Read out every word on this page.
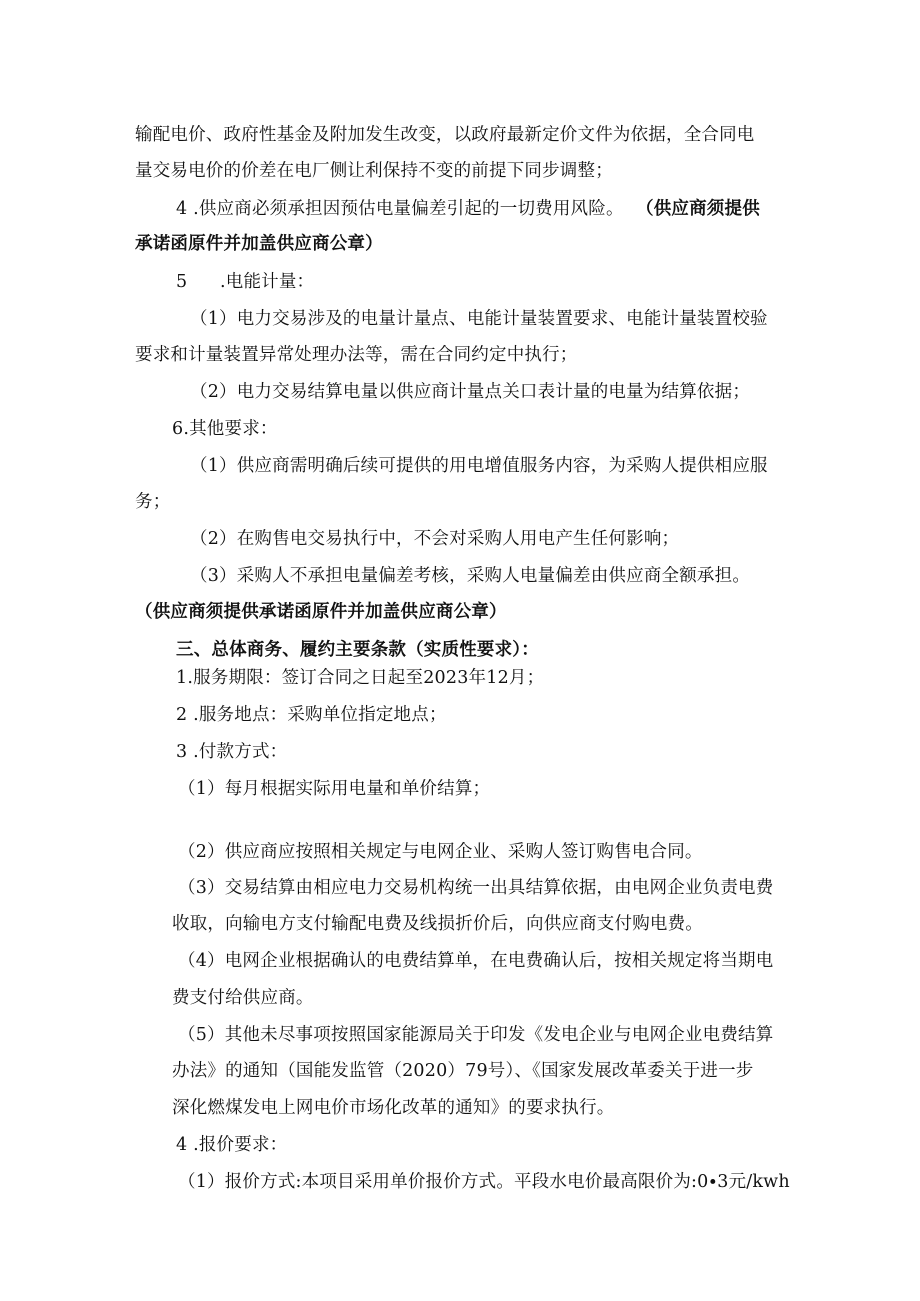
输配电价、政府性基金及附加发生改变，以政府最新定价文件为依据，全合同电
量交易电价的价差在电厂侧让利保持不变的前提下同步调整；
4 .供应商必须承担因预估电量偏差引起的一切费用风险。 （供应商须提供
承诺函原件并加盖供应商公章）
5 .电能计量：
（1）电力交易涉及的电量计量点、电能计量装置要求、电能计量装置校验
要求和计量装置异常处理办法等，需在合同约定中执行；
（2）电力交易结算电量以供应商计量点关口表计量的电量为结算依据；
6.其他要求：
（1）供应商需明确后续可提供的用电增值服务内容，为采购人提供相应服
务；
（2）在购售电交易执行中，不会对采购人用电产生任何影响；
（3）采购人不承担电量偏差考核，采购人电量偏差由供应商全额承担。
（供应商须提供承诺函原件并加盖供应商公章）
三、总体商务、履约主要条款（实质性要求）：
1.服务期限：签订合同之日起至2023年12月；
2 .服务地点：采购单位指定地点；
3 .付款方式：
（1）每月根据实际用电量和单价结算；
（2）供应商应按照相关规定与电网企业、采购人签订购售电合同。
（3）交易结算由相应电力交易机构统一出具结算依据，由电网企业负责电费
收取，向输电方支付输配电费及线损折价后，向供应商支付购电费。
（4）电网企业根据确认的电费结算单，在电费确认后，按相关规定将当期电
费支付给供应商。
（5）其他未尽事项按照国家能源局关于印发《发电企业与电网企业电费结算
办法》的通知（国能发监管（2020）79号）、《国家发展改革委关于进一步
深化燃煤发电上网电价市场化改革的通知》的要求执行。
4 .报价要求：
（1）报价方式:本项目采用单价报价方式。平段水电价最高限价为:0∙3元/kwh
